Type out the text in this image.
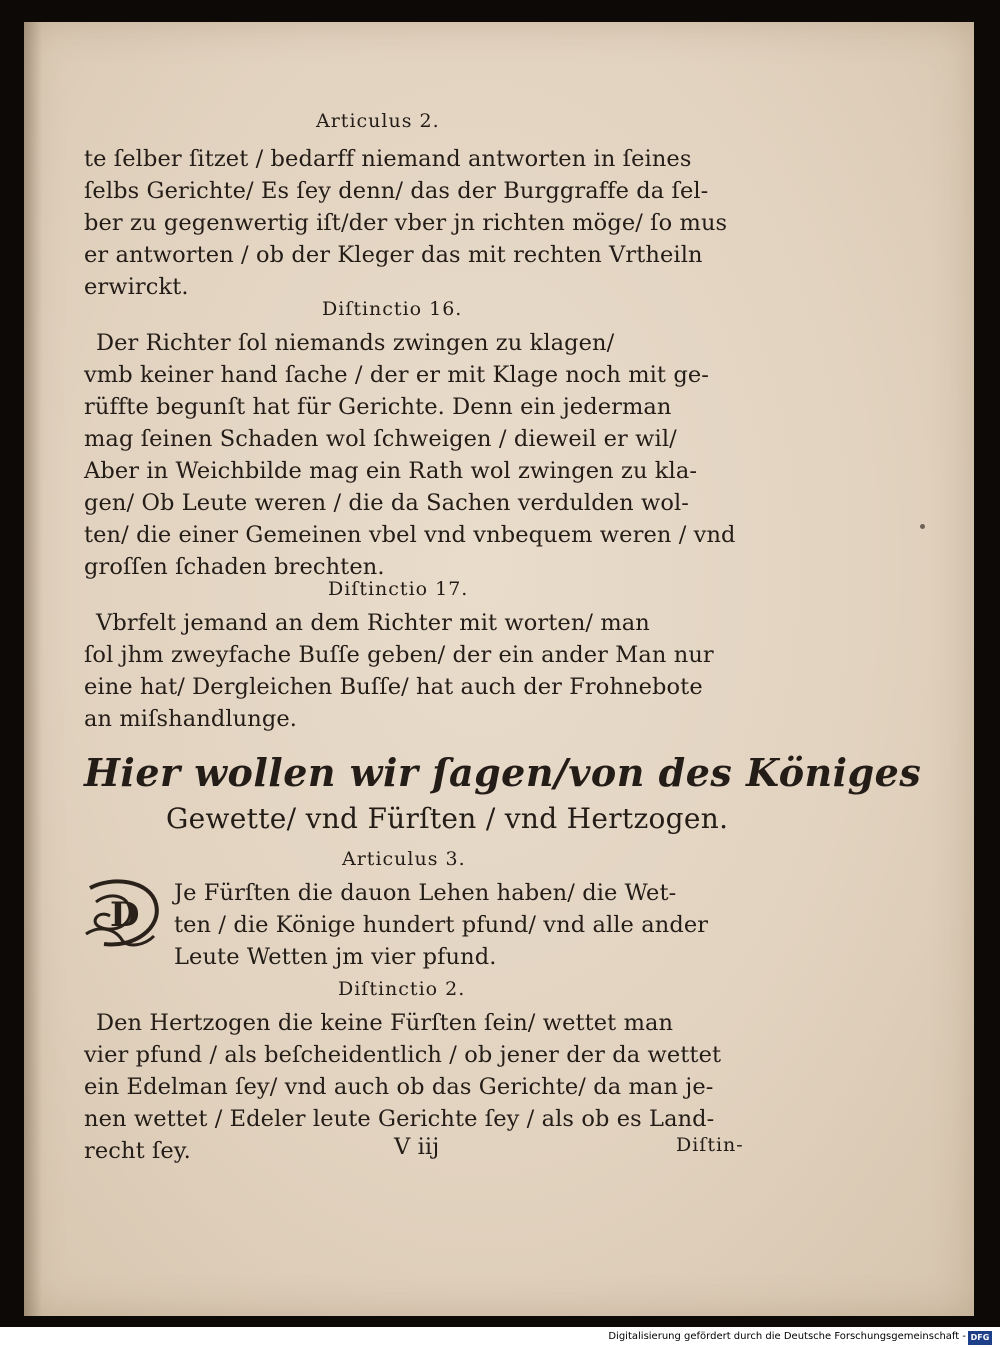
Articulus 2.
te ſelber ſitzet / bedarff niemand antworten in ſeines
ſelbs Gerichte/ Es ſey denn/ das der Burggraffe da ſel-
ber zu gegenwertig iſt/der vber jn richten möge/ ſo mus
er antworten / ob der Kleger das mit rechten Vrtheiln
erwirckt.
Diſtinctio 16.
Der Richter ſol niemands zwingen zu klagen/
vmb keiner hand ſache / der er mit Klage noch mit ge-
rüffte begunſt hat für Gerichte. Denn ein jederman
mag ſeinen Schaden wol ſchweigen / dieweil er wil/
Aber in Weichbilde mag ein Rath wol zwingen zu kla-
gen/ Ob Leute weren / die da Sachen verdulden wol-
ten/ die einer Gemeinen vbel vnd vnbequem weren / vnd
groſſen ſchaden brechten.
Diſtinctio 17.
Vbrfelt jemand an dem Richter mit worten/ man
ſol jhm zweyfache Buſſe geben/ der ein ander Man nur
eine hat/ Dergleichen Buſſe/ hat auch der Frohnebote
an miſshandlunge.
Hier wollen wir ſagen/von des Königes
Gewette/ vnd Fürſten / vnd Hertzogen.
Articulus 3.
D
Je Fürſten die dauon Lehen haben/ die Wet-
ten / die Könige hundert pfund/ vnd alle ander
Leute Wetten jm vier pfund.
Diſtinctio 2.
Den Hertzogen die keine Fürſten ſein/ wettet man
vier pfund / als beſcheidentlich / ob jener der da wettet
ein Edelman ſey/ vnd auch ob das Gerichte/ da man je-
nen wettet / Edeler leute Gerichte ſey / als ob es Land-
recht ſey.	V iij	Diſtin-
Digitalisierung gefördert durch die Deutsche Forschungsgemeinschaft - DFG
